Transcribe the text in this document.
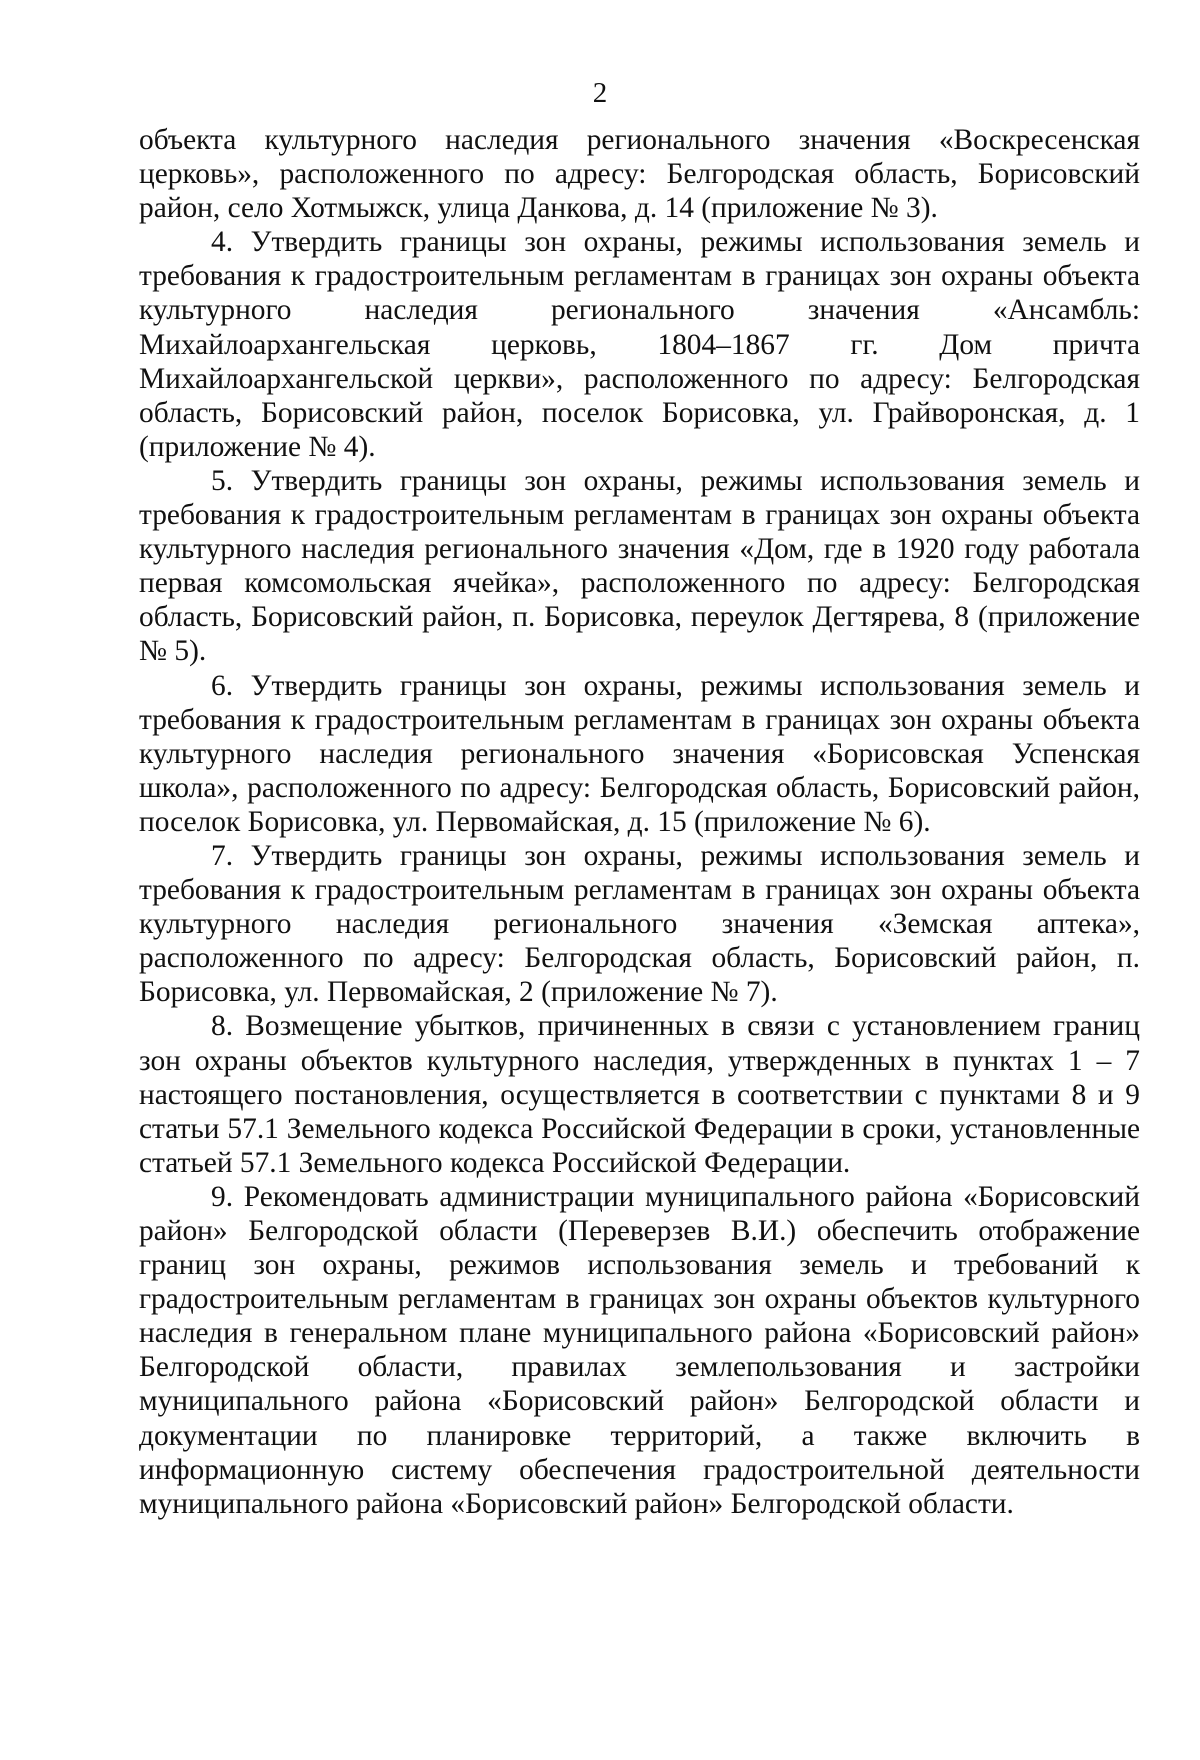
2

объекта культурного наследия регионального значения «Воскресенская церковь», расположенного по адресу: Белгородская область, Борисовский район, село Хотмыжск, улица Данкова, д. 14 (приложение № 3).

4. Утвердить границы зон охраны, режимы использования земель и требования к градостроительным регламентам в границах зон охраны объекта культурного наследия регионального значения «Ансамбль: Михайлоархангельская церковь, 1804–1867 гг. Дом причта Михайлоархангельской церкви», расположенного по адресу: Белгородская область, Борисовский район, поселок Борисовка, ул. Грайворонская, д. 1 (приложение № 4).

5. Утвердить границы зон охраны, режимы использования земель и требования к градостроительным регламентам в границах зон охраны объекта культурного наследия регионального значения «Дом, где в 1920 году работала первая комсомольская ячейка», расположенного по адресу: Белгородская область, Борисовский район, п. Борисовка, переулок Дегтярева, 8 (приложение № 5).

6. Утвердить границы зон охраны, режимы использования земель и требования к градостроительным регламентам в границах зон охраны объекта культурного наследия регионального значения «Борисовская Успенская школа», расположенного по адресу: Белгородская область, Борисовский район, поселок Борисовка, ул. Первомайская, д. 15 (приложение № 6).

7. Утвердить границы зон охраны, режимы использования земель и требования к градостроительным регламентам в границах зон охраны объекта культурного наследия регионального значения «Земская аптека», расположенного по адресу: Белгородская область, Борисовский район, п. Борисовка, ул. Первомайская, 2 (приложение № 7).

8. Возмещение убытков, причиненных в связи с установлением границ зон охраны объектов культурного наследия, утвержденных в пунктах 1 – 7 настоящего постановления, осуществляется в соответствии с пунктами 8 и 9 статьи 57.1 Земельного кодекса Российской Федерации в сроки, установленные статьей 57.1 Земельного кодекса Российской Федерации.

9. Рекомендовать администрации муниципального района «Борисовский район» Белгородской области (Переверзев В.И.) обеспечить отображение границ зон охраны, режимов использования земель и требований к градостроительным регламентам в границах зон охраны объектов культурного наследия в генеральном плане муниципального района «Борисовский район» Белгородской области, правилах землепользования и застройки муниципального района «Борисовский район» Белгородской области и документации по планировке территорий, а также включить в информационную систему обеспечения градостроительной деятельности муниципального района «Борисовский район» Белгородской области.
